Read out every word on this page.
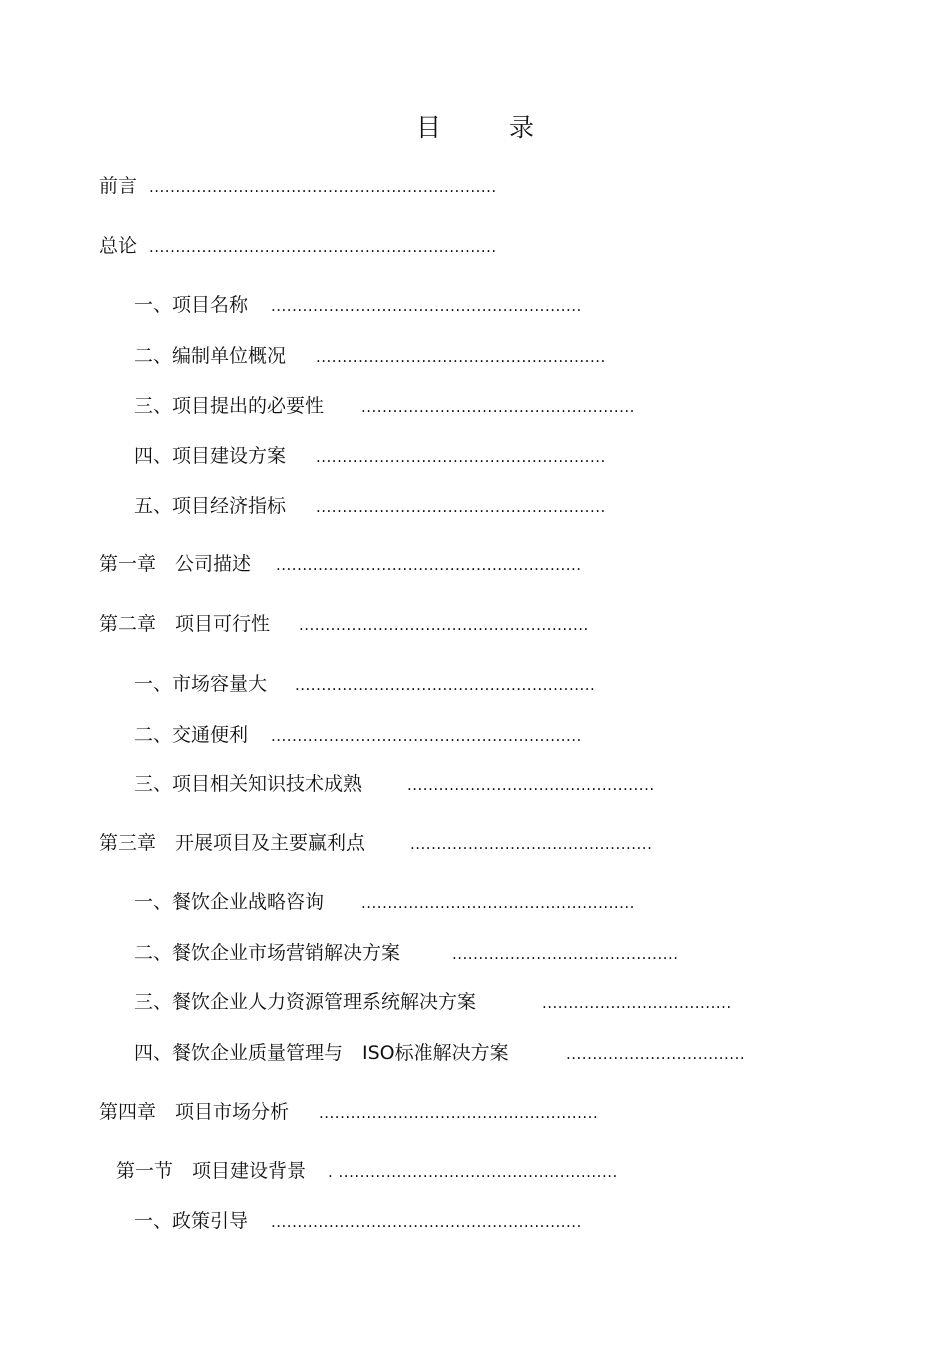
目 录
前言 ..................................................................
总论 ..................................................................
一、项目名称 ...........................................................
二、编制单位概况 .......................................................
三、项目提出的必要性 ....................................................
四、项目建设方案 .......................................................
五、项目经济指标 .......................................................
第一章　公司描述 ..........................................................
第二章　项目可行性 .......................................................
一、市场容量大 .........................................................
二、交通便利 ...........................................................
三、项目相关知识技术成熟	...............................................
第三章　开展项目及主要赢利点	..............................................
一、餐饮企业战略咨询 ....................................................
二、餐饮企业市场营销解决方案	...........................................
三、餐饮企业人力资源管理系统解决方案	....................................
四、餐饮企业质量管理与　ISO标准解决方案	..................................
第四章　项目市场分析 .....................................................
第一节　项目建设背景 . .....................................................
一、政策引导 ...........................................................
